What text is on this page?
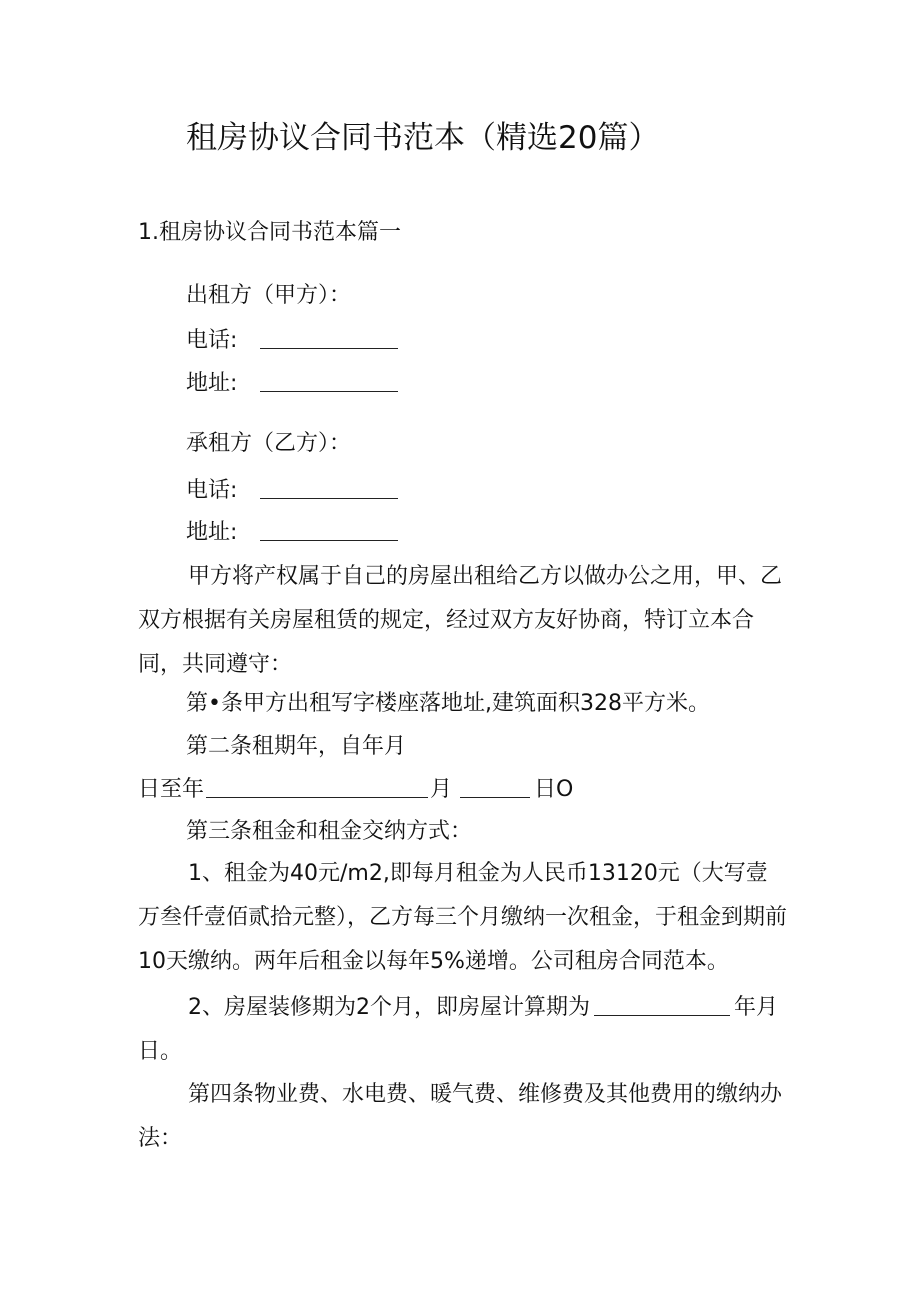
租房协议合同书范本（精选20篇）
1.租房协议合同书范本篇一
出租方（甲方）：
电话:
地址:
承租方（乙方）：
电话:
地址:
甲方将产权属于自己的房屋出租给乙方以做办公之用，甲、乙双方根据有关房屋租赁的规定，经过双方友好协商，特订立本合同，共同遵守：
第•条甲方出租写字楼座落地址,建筑面积328平方米。
第二条租期年，自年月
日至年	月	日O
第三条租金和租金交纳方式：
1、租金为40元/m2,即每月租金为人民币13120元（大写壹万叁仟壹佰贰拾元整），乙方每三个月缴纳一次租金，于租金到期前10天缴纳。两年后租金以每年5%递增。公司租房合同范本。
2、房屋装修期为2个月，即房屋计算期为	年月日。
第四条物业费、水电费、暖气费、维修费及其他费用的缴纳办法：
